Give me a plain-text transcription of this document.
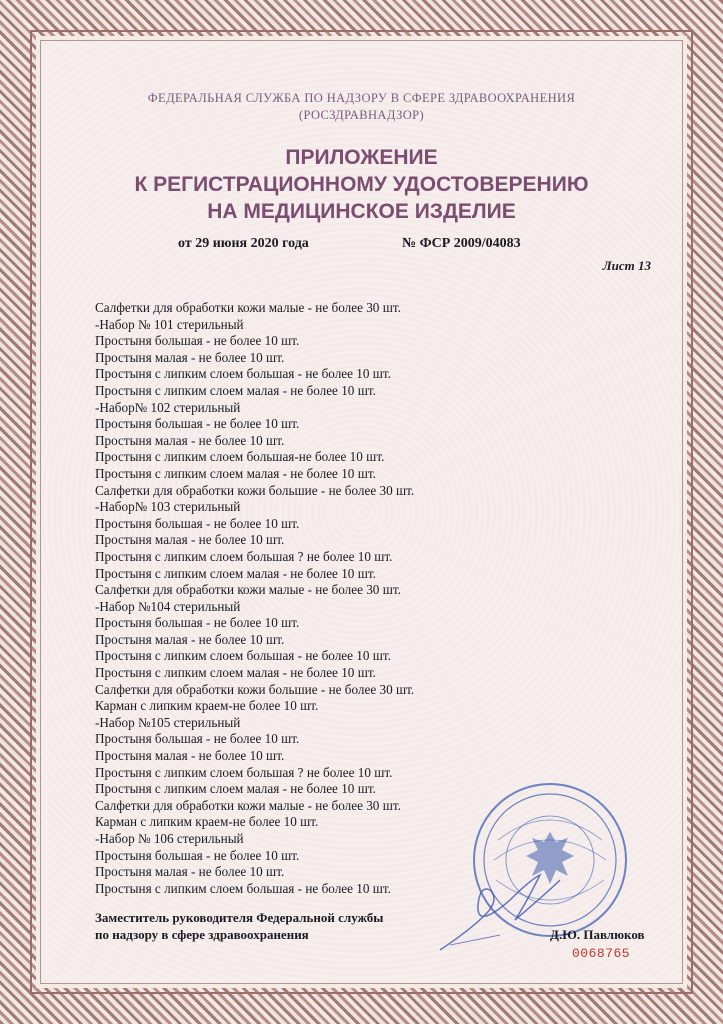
ФЕДЕРАЛЬНАЯ СЛУЖБА ПО НАДЗОРУ В СФЕРЕ ЗДРАВООХРАНЕНИЯ
(РОСЗДРАВНАДЗОР)
ПРИЛОЖЕНИЕ
К РЕГИСТРАЦИОННОМУ УДОСТОВЕРЕНИЮ
НА МЕДИЦИНСКОЕ ИЗДЕЛИЕ
от 29 июня 2020 года	№ ФСР 2009/04083
Лист 13
Салфетки для обработки кожи малые - не более 30 шт.
-Набор № 101 стерильный
Простыня большая - не более 10 шт.
Простыня малая - не более 10 шт.
Простыня с липким слоем большая - не более 10 шт.
Простыня с липким слоем малая - не более 10 шт.
-Набор№ 102 стерильный
Простыня большая - не более 10 шт.
Простыня малая - не более 10 шт.
Простыня с липким слоем большая-не более 10 шт.
Простыня с липким слоем малая - не более 10 шт.
Салфетки для обработки кожи большие - не более 30 шт.
-Набор№ 103 стерильный
Простыня большая - не более 10 шт.
Простыня малая - не более 10 шт.
Простыня с липким слоем большая ? не более 10 шт.
Простыня с липким слоем малая - не более 10 шт.
Салфетки для обработки кожи малые - не более 30 шт.
-Набор №104 стерильный
Простыня большая - не более 10 шт.
Простыня малая - не более 10 шт.
Простыня с липким слоем большая - не более 10 шт.
Простыня с липким слоем малая - не более 10 шт.
Салфетки для обработки кожи большие - не более 30 шт.
Карман с липким краем-не более 10 шт.
-Набор №105 стерильный
Простыня большая - не более 10 шт.
Простыня малая - не более 10 шт.
Простыня с липким слоем большая ? не более 10 шт.
Простыня с липким слоем малая - не более 10 шт.
Салфетки для обработки кожи малые - не более 30 шт.
Карман с липким краем-не более 10 шт.
-Набор № 106 стерильный
Простыня большая - не более 10 шт.
Простыня малая - не более 10 шт.
Простыня с липким слоем большая - не более 10 шт.
Заместитель руководителя Федеральной службы
по надзору в сфере здравоохранения	Д.Ю. Павлюков
0068765
